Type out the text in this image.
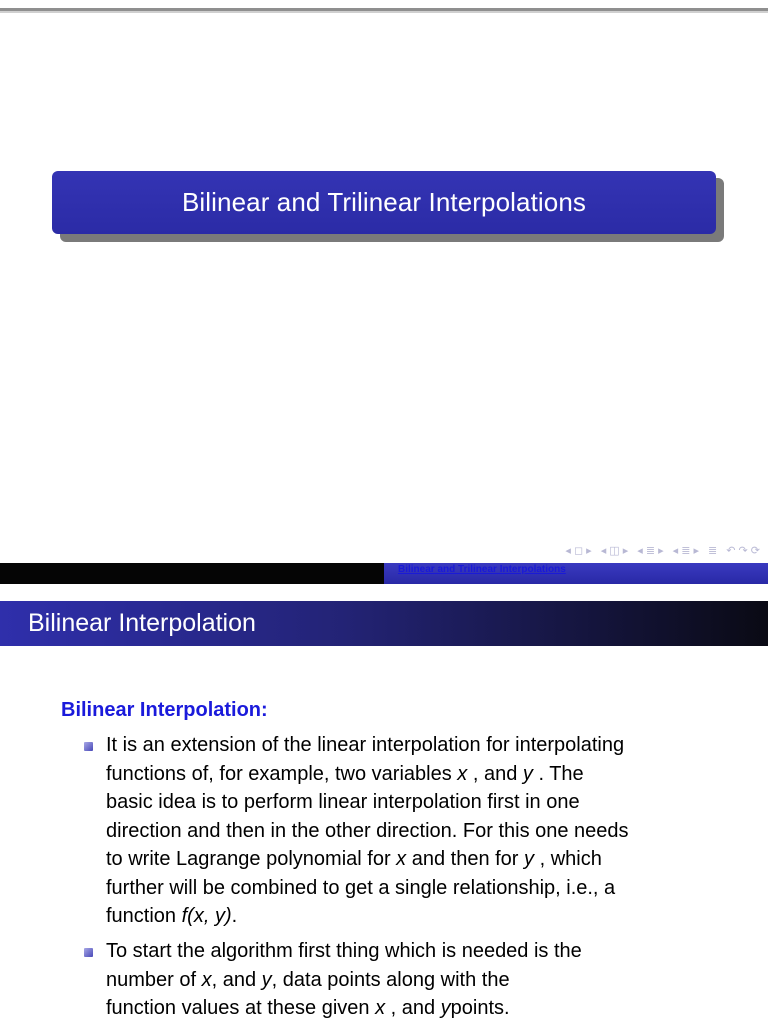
Bilinear and Trilinear Interpolations
◂ ◻ ▸ ◂ ◫ ▸ ◂ ≣ ▸ ◂ ≣ ▸ ≣ ↶ ↷ ⟳
Bilinear and Trilinear Interpolations
Bilinear Interpolation
Bilinear Interpolation:
It is an extension of the linear interpolation for interpolating
functions of, for example, two variables x , and y . The
basic idea is to perform linear interpolation first in one
direction and then in the other direction. For this one needs
to write Lagrange polynomial for x and then for y , which
further will be combined to get a single relationship, i.e., a
function f(x, y).
To start the algorithm first thing which is needed is the
number of x, and y, data points along with the
function values at these given x , and ypoints.
